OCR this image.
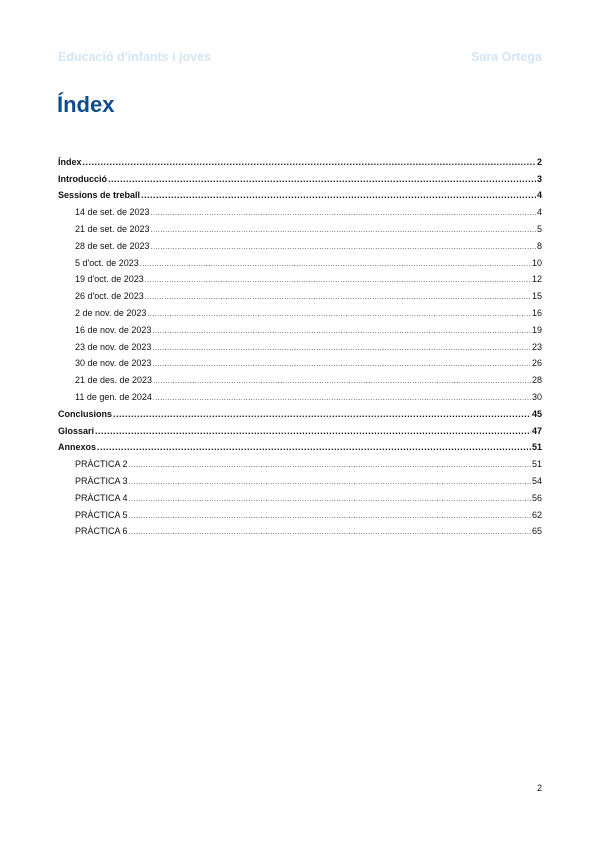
Educació d'infants i joves	Sara Ortega
Índex
Índex .....	2
Introducció .....	3
Sessions de treball .....	4
14 de set. de 2023 .....	4
21 de set. de 2023 .....	5
28 de set. de 2023 .....	8
5 d'oct. de 2023 .....	10
19 d'oct. de 2023 .....	12
26 d'oct. de 2023 .....	15
2 de nov. de 2023 .....	16
16 de nov. de 2023 .....	19
23 de nov. de 2023 .....	23
30 de nov. de 2023 .....	26
21 de des. de 2023 .....	28
11 de gen. de 2024 .....	30
Conclusions .....	45
Glossari .....	47
Annexos .....	51
PRÀCTICA 2 .....	51
PRÀCTICA 3 .....	54
PRÀCTICA 4 .....	56
PRÀCTICA 5 .....	62
PRÀCTICA 6 .....	65
2
